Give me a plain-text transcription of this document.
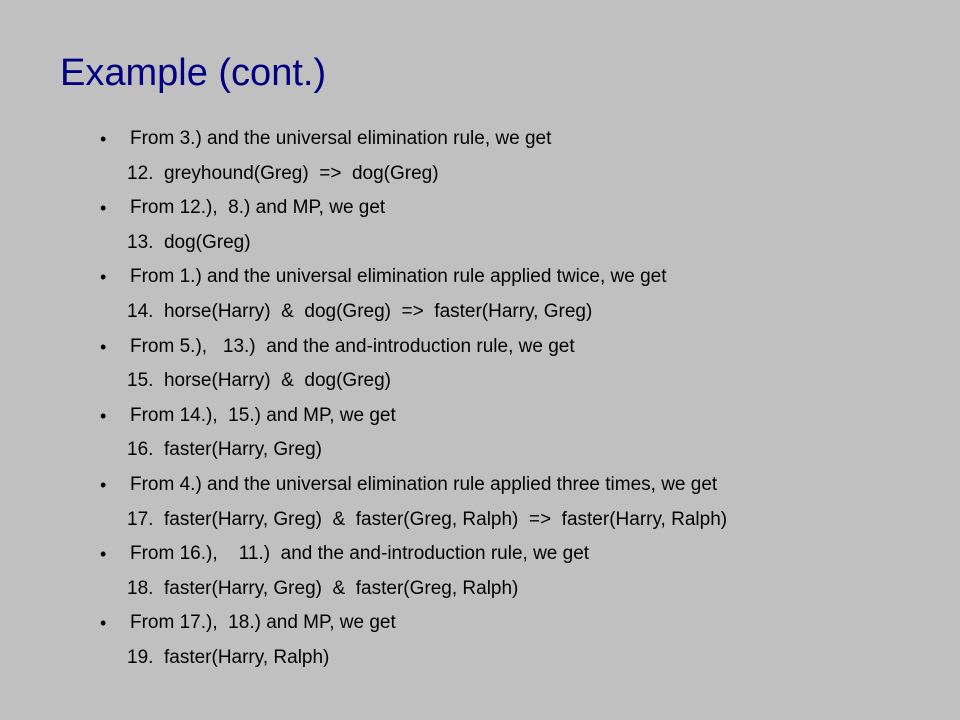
Example (cont.)
• From 3.) and the universal elimination rule, we get
12.  greyhound(Greg)  =>  dog(Greg)
• From 12.),  8.) and MP, we get
13.  dog(Greg)
• From 1.) and the universal elimination rule applied twice, we get
14.  horse(Harry)  &  dog(Greg)  =>  faster(Harry, Greg)
• From 5.),   13.)  and the and-introduction rule, we get
15.  horse(Harry)  &  dog(Greg)
• From 14.),  15.) and MP, we get
16.  faster(Harry, Greg)
• From 4.) and the universal elimination rule applied three times, we get
17.  faster(Harry, Greg)  &  faster(Greg, Ralph)  =>  faster(Harry, Ralph)
• From 16.),    11.)  and the and-introduction rule, we get
18.  faster(Harry, Greg)  &  faster(Greg, Ralph)
• From 17.),  18.) and MP, we get
19.  faster(Harry, Ralph)
